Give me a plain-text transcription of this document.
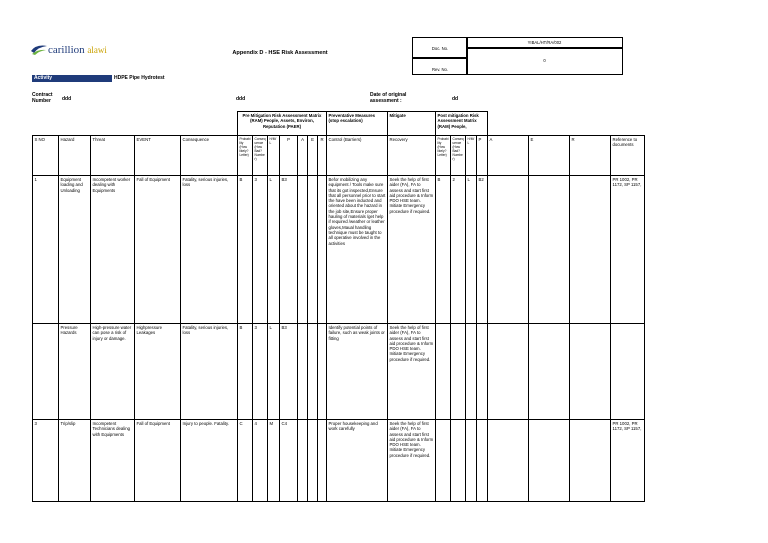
carillion alawi	Appendix D - HSE Risk Assessment
Doc. No.
YIBAL/HT/RA/002
0
Rev. No.
Activity	HDPE Pipe Hydrotest
Contract Number	ddd	ddd
Date of original assessment :	dd
					Pre Mitigation Risk Assessment Matrix (RAM) People, Assets, Environ, Reputation (PAER)							Preventative Measures (stop escalation)	Mitigate	Post mitigation Risk Assessment Matrix (RAM) People,							
S NO	Hazard	Threat	EVENT	Consequence	Probabi lity (How likely? Letter)	Conseq uence (How Bad? Numbe r)	H/M/ L	P	A	E	R	Control (Barriers)	Recovery	Probabi lity (How likely? Letter)	Conseq uence (How Bad? Numbe r)	H/M/ L	P	A	E	R	Reference to documents
1	Equipment loading and Unloading	Incompetent worker dealing with Equipments	Fall of Equipment	Fatality, serious injuries, loss	B	3	L	B3				Befor mobilizing any equipment / Tools make sure that its got inspected,Ensure that all personnel prior to start the have been inducted and oriented about the hazard in the job site,Ensure proper hauling of materials /get help if required /weather or leather gloves,Maual handling technique must be taught to all operative involved in the activities	Seek the help of first aider (FA), FA to assess and start first aid procedure & Inform PDO HSE team. Initiate Emergency procedure if required.	B	2	L	B2				PR 1002, PR 1172, SP 1157,
	Pressure Hazards	High-pressure water can pose a risk of injury or damage.	Highpressure Leakages	Fatality, serious injuries, loss	B	3	L	B3				Identify potential points of failure, such as weak joints or fitting	Seek the help of first aider (FA), FA to assess and start first aid procedure & Inform PDO HSE team. Initiate Emergency procedure if required.								
3	Trip/slip	Incompetent Technicians dealing with Equipments	Fall of Equipment	Injury to people. Fatality.	C	4	M	C4				Proper housekeeping and work carefully	Seek the help of first aider (FA), FA to assess and start first aid procedure & Inform PDO HSE team. Initiate Emergency procedure if required.								PR 1002, PR 1172, SP 1157,
